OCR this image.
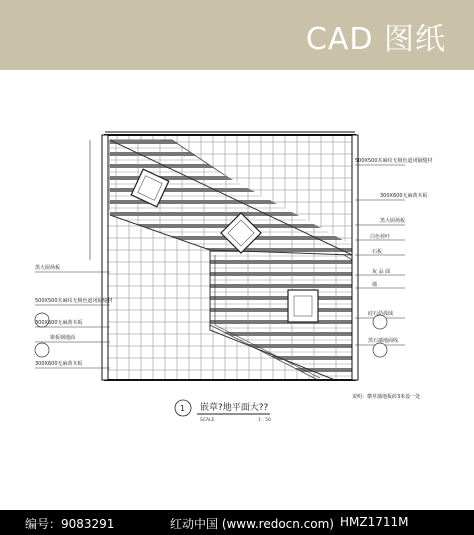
CAD 图纸
500X500木麻纹无极色道闭隔缝材
300X600无麻黄木板
黑大厨场板
白色荷叶
石板
灰 品 面
墙
硅石幼孤绒
黑石墙地面线
黑大厨场板
500X500木麻纹无极色道闭隔缝材
300X600无麻黄木板
锥板钢地面
300X600无麻黄木板
说明：横草墙地板砖3米设一处
1 嵌草?地平面大??
SCALE	1 : 50
编号：9083291	红动中国 (www.redocn.com) HMZ1711M
